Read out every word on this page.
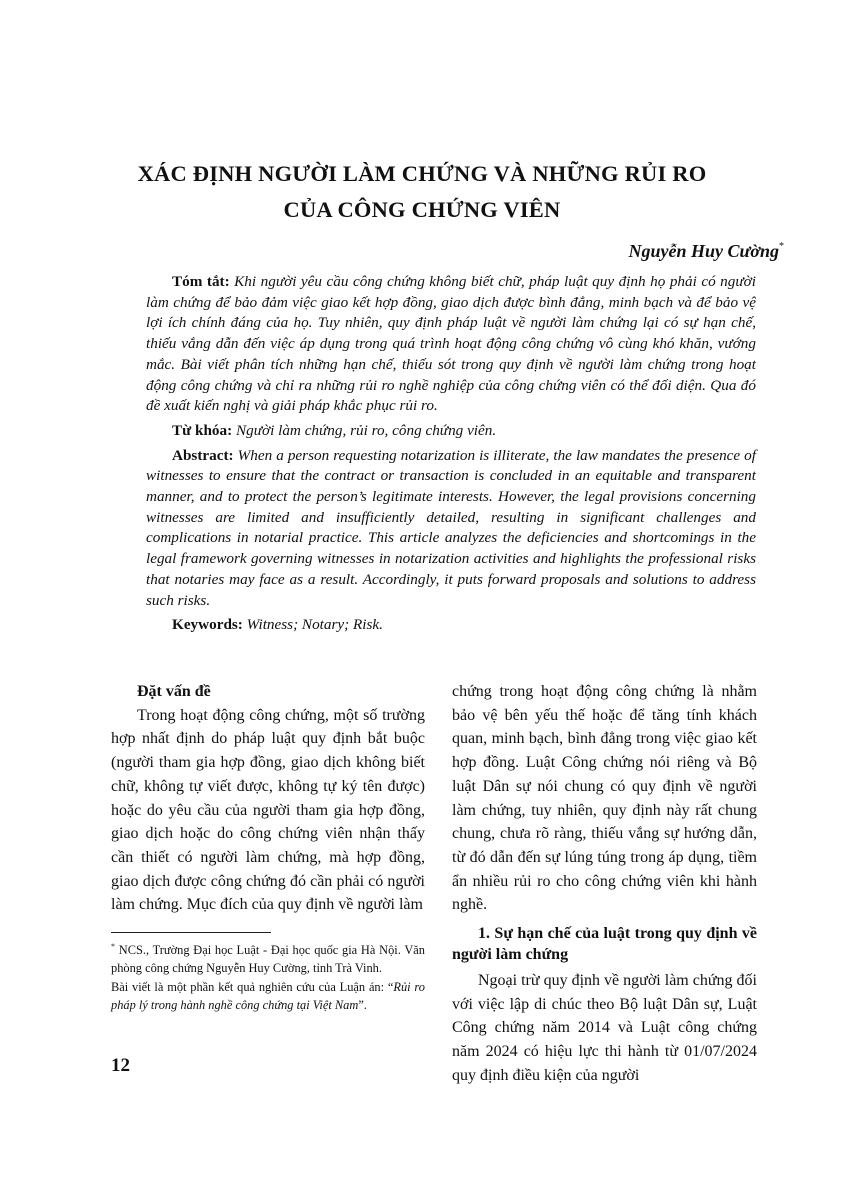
XÁC ĐỊNH NGƯỜI LÀM CHỨNG VÀ NHỮNG RỦI RO
CỦA CÔNG CHỨNG VIÊN
Nguyễn Huy Cường*

Tóm tắt: Khi người yêu cầu công chứng không biết chữ, pháp luật quy định họ phải có người làm chứng để bảo đảm việc giao kết hợp đồng, giao dịch được bình đẳng, minh bạch và để bảo vệ lợi ích chính đáng của họ. Tuy nhiên, quy định pháp luật về người làm chứng lại có sự hạn chế, thiếu vắng dẫn đến việc áp dụng trong quá trình hoạt động công chứng vô cùng khó khăn, vướng mắc. Bài viết phân tích những hạn chế, thiếu sót trong quy định về người làm chứng trong hoạt động công chứng và chỉ ra những rủi ro nghề nghiệp của công chứng viên có thể đối diện. Qua đó đề xuất kiến nghị và giải pháp khắc phục rủi ro.

Từ khóa: Người làm chứng, rủi ro, công chứng viên.

Abstract: When a person requesting notarization is illiterate, the law mandates the presence of witnesses to ensure that the contract or transaction is concluded in an equitable and transparent manner, and to protect the person’s legitimate interests. However, the legal provisions concerning witnesses are limited and insufficiently detailed, resulting in significant challenges and complications in notarial practice. This article analyzes the deficiencies and shortcomings in the legal framework governing witnesses in notarization activities and highlights the professional risks that notaries may face as a result. Accordingly, it puts forward proposals and solutions to address such risks.

Keywords: Witness; Notary; Risk.

Đặt vấn đề

Trong hoạt động công chứng, một số trường hợp nhất định do pháp luật quy định bắt buộc (người tham gia hợp đồng, giao dịch không biết chữ, không tự viết được, không tự ký tên được) hoặc do yêu cầu của người tham gia hợp đồng, giao dịch hoặc do công chứng viên nhận thấy cần thiết có người làm chứng, mà hợp đồng, giao dịch được công chứng đó cần phải có người làm chứng. Mục đích của quy định về người làm

chứng trong hoạt động công chứng là nhằm bảo vệ bên yếu thế hoặc để tăng tính khách quan, minh bạch, bình đẳng trong việc giao kết hợp đồng. Luật Công chứng nói riêng và Bộ luật Dân sự nói chung có quy định về người làm chứng, tuy nhiên, quy định này rất chung chung, chưa rõ ràng, thiếu vắng sự hướng dẫn, từ đó dẫn đến sự lúng túng trong áp dụng, tiềm ẩn nhiều rủi ro cho công chứng viên khi hành nghề.

1. Sự hạn chế của luật trong quy định về người làm chứng

Ngoại trừ quy định về người làm chứng đối với việc lập di chúc theo Bộ luật Dân sự, Luật Công chứng năm 2014 và Luật công chứng năm 2024 có hiệu lực thi hành từ 01/07/2024 quy định điều kiện của người

* NCS., Trường Đại học Luật - Đại học quốc gia Hà Nội. Văn phòng công chứng Nguyễn Huy Cường, tỉnh Trà Vinh.

Bài viết là một phần kết quả nghiên cứu của Luận án: “Rủi ro pháp lý trong hành nghề công chứng tại Việt Nam”.

12
